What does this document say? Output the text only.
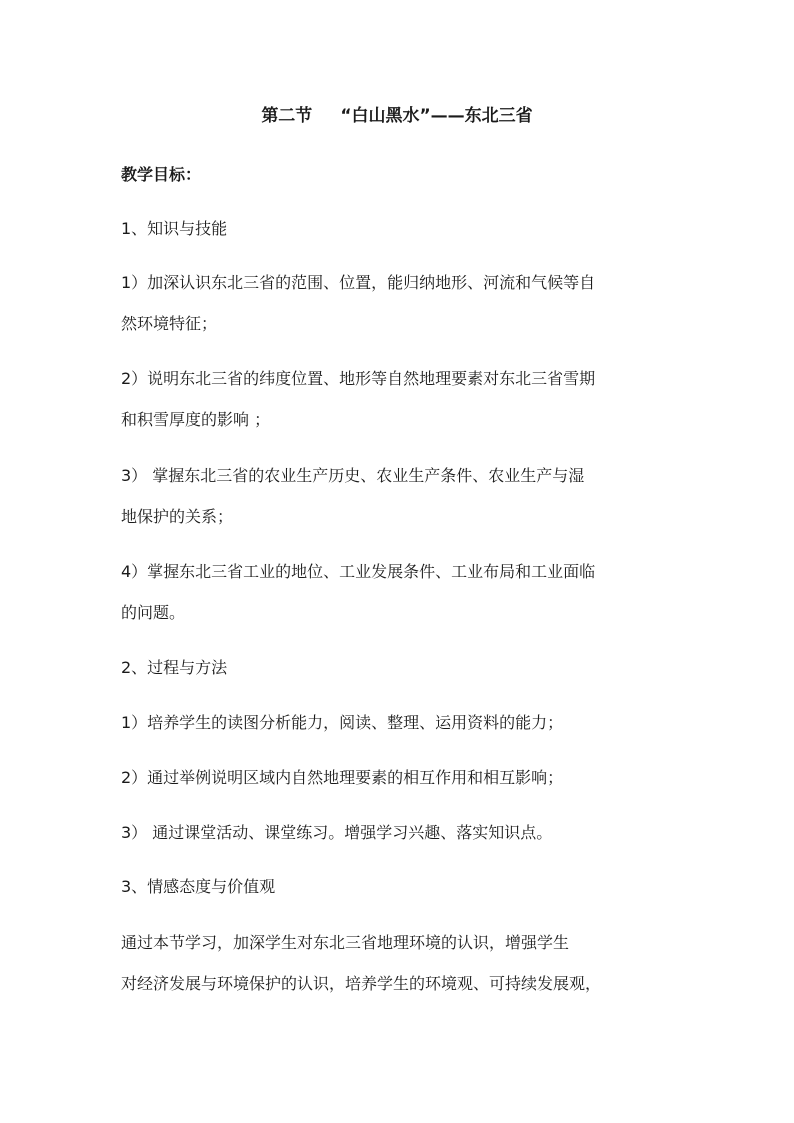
第二节 “白山黑水”——东北三省
教学目标：
1、知识与技能
1）加深认识东北三省的范围、位置，能归纳地形、河流和气候等自
然环境特征；
2）说明东北三省的纬度位置、地形等自然地理要素对东北三省雪期
和积雪厚度的影响 ；
3） 掌握东北三省的农业生产历史、农业生产条件、农业生产与湿
地保护的关系；
4）掌握东北三省工业的地位、工业发展条件、工业布局和工业面临
的问题。
2、过程与方法
1）培养学生的读图分析能力，阅读、整理、运用资料的能力；
2）通过举例说明区域内自然地理要素的相互作用和相互影响；
3） 通过课堂活动、课堂练习。增强学习兴趣、落实知识点。
3、情感态度与价值观
通过本节学习，加深学生对东北三省地理环境的认识，增强学生
对经济发展与环境保护的认识，培养学生的环境观、可持续发展观，
